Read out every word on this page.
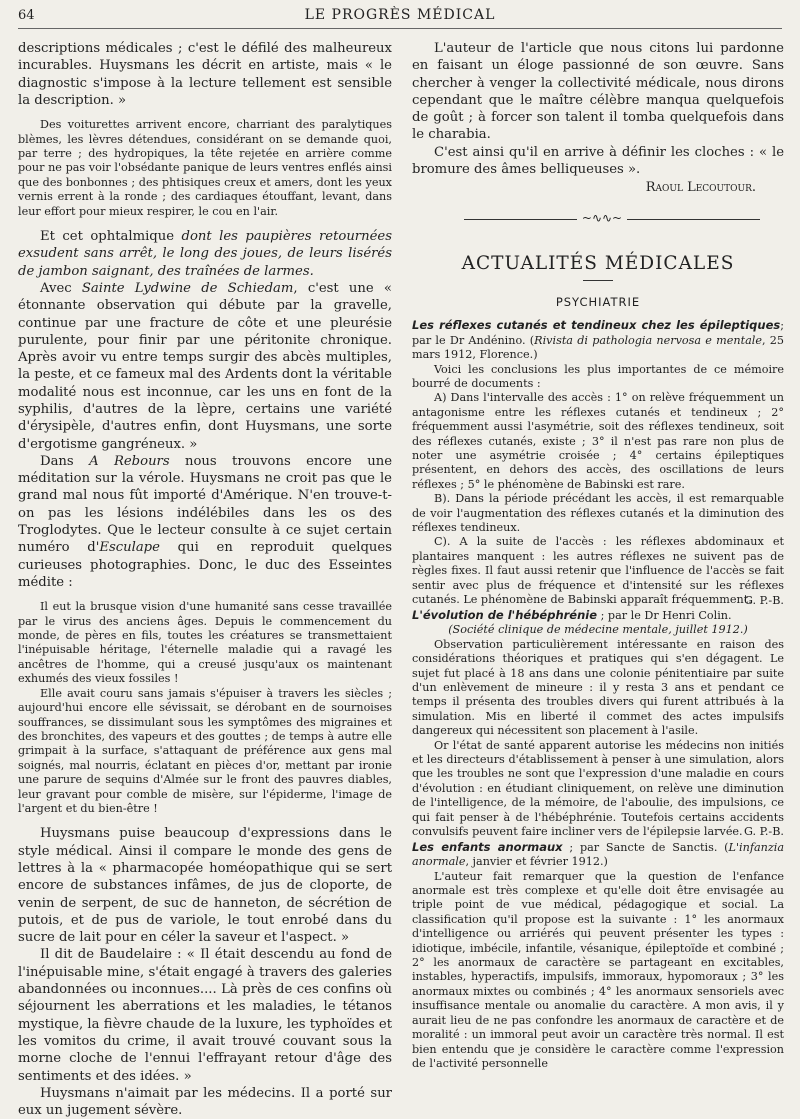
64	LE PROGRÈS MÉDICAL

descriptions médicales ; c'est le défilé des malheureux incurables. Huysmans les décrit en artiste, mais « le diagnostic s'impose à la lecture tellement est sensible la description. »

Des voiturettes arrivent encore, charriant des paralytiques blèmes, les lèvres détendues, considérant on se demande quoi, par terre ; des hydropiques, la tête rejetée en arrière comme pour ne pas voir l'obsédante panique de leurs ventres enflés ainsi que des bonbonnes ; des phtisiques creux et amers, dont les yeux vernis errent à la ronde ; des cardiaques étouffant, levant, dans leur effort pour mieux respirer, le cou en l'air.

Et cet ophtalmique dont les paupières retournées exsudent sans arrêt, le long des joues, de leurs lisérés de jambon saignant, des traînées de larmes.

Avec Sainte Lydwine de Schiedam, c'est une « étonnante observation qui débute par la gravelle, continue par une fracture de côte et une pleurésie purulente, pour finir par une péritonite chronique. Après avoir vu entre temps surgir des abcès multiples, la peste, et ce fameux mal des Ardents dont la véritable modalité nous est inconnue, car les uns en font de la syphilis, d'autres de la lèpre, certains une variété d'érysipèle, d'autres enfin, dont Huysmans, une sorte d'ergotisme gangréneux. »

Dans A Rebours nous trouvons encore une méditation sur la vérole. Huysmans ne croit pas que le grand mal nous fût importé d'Amérique. N'en trouve-t-on pas les lésions indélébiles dans les os des Troglodytes. Que le lecteur consulte à ce sujet certain numéro d'Esculape qui en reproduit quelques curieuses photographies. Donc, le duc des Esseintes médite :

Il eut la brusque vision d'une humanité sans cesse travaillée par le virus des anciens âges. Depuis le commencement du monde, de pères en fils, toutes les créatures se transmettaient l'inépuisable héritage, l'éternelle maladie qui a ravagé les ancêtres de l'homme, qui a creusé jusqu'aux os maintenant exhumés des vieux fossiles !

Elle avait couru sans jamais s'épuiser à travers les siècles ; aujourd'hui encore elle sévissait, se dérobant en de sournoises souffrances, se dissimulant sous les symptômes des migraines et des bronchites, des vapeurs et des gouttes ; de temps à autre elle grimpait à la surface, s'attaquant de préférence aux gens mal soignés, mal nourris, éclatant en pièces d'or, mettant par ironie une parure de sequins d'Almée sur le front des pauvres diables, leur gravant pour comble de misère, sur l'épiderme, l'image de l'argent et du bien-être !

Huysmans puise beaucoup d'expressions dans le style médical. Ainsi il compare le monde des gens de lettres à la « pharmacopée homéopathique qui se sert encore de substances infâmes, de jus de cloporte, de venin de serpent, de suc de hanneton, de sécrétion de putois, et de pus de variole, le tout enrobé dans du sucre de lait pour en céler la saveur et l'aspect. »

Il dit de Baudelaire : « Il était descendu au fond de l'inépuisable mine, s'était engagé à travers des galeries abandonnées ou inconnues.... Là près de ces confins où séjournent les aberrations et les maladies, le tétanos mystique, la fièvre chaude de la luxure, les typhoïdes et les vomitos du crime, il avait trouvé couvant sous la morne cloche de l'ennui l'effrayant retour d'âge des sentiments et des idées. »

Huysmans n'aimait par les médecins. Il a porté sur eux un jugement sévère.

L'auteur de l'article que nous citons lui pardonne en faisant un éloge passionné de son œuvre. Sans chercher à venger la collectivité médicale, nous dirons cependant que le maître célèbre manqua quelquefois de goût ; à forcer son talent il tomba quelquefois dans le charabia.

C'est ainsi qu'il en arrive à définir les cloches : « le bromure des âmes belliqueuses ».

Raoul Lecoutour.
~∿∿~
ACTUALITÉS MÉDICALES
PSYCHIATRIE

Les réflexes cutanés et tendineux chez les épileptiques; par le Dr Andénino. (Rivista di pathologia nervosa e mentale, 25 mars 1912, Florence.)

Voici les conclusions les plus importantes de ce mémoire bourré de documents :

A) Dans l'intervalle des accès : 1° on relève fréquemment un antagonisme entre les réflexes cutanés et tendineux ; 2° fréquemment aussi l'asymétrie, soit des réflexes tendineux, soit des réflexes cutanés, existe ; 3° il n'est pas rare non plus de noter une asymétrie croisée ; 4° certains épileptiques présentent, en dehors des accès, des oscillations de leurs réflexes ; 5° le phénomène de Babinski est rare.

B). Dans la période précédant les accès, il est remarquable de voir l'augmentation des réflexes cutanés et la diminution des réflexes tendineux.

C). A la suite de l'accès : les réflexes abdominaux et plantaires manquent : les autres réflexes ne suivent pas de règles fixes. Il faut aussi retenir que l'influence de l'accès se fait sentir avec plus de fréquence et d'intensité sur les réflexes cutanés. Le phénomène de Babinski apparaît fréquemment.

G. P.-B.

L'évolution de l'hébéphrénie ; par le Dr Henri Colin.

(Société clinique de médecine mentale, juillet 1912.)

Observation particulièrement intéressante en raison des considérations théoriques et pratiques qui s'en dégagent. Le sujet fut placé à 18 ans dans une colonie pénitentiaire par suite d'un enlèvement de mineure : il y resta 3 ans et pendant ce temps il présenta des troubles divers qui furent attribués à la simulation. Mis en liberté il commet des actes impulsifs dangereux qui nécessitent son placement à l'asile.

Or l'état de santé apparent autorise les médecins non initiés et les directeurs d'établissement à penser à une simulation, alors que les troubles ne sont que l'expression d'une maladie en cours d'évolution : en étudiant cliniquement, on relève une diminution de l'intelligence, de la mémoire, de l'aboulie, des impulsions, ce qui fait penser à de l'hébéphrénie. Toutefois certains accidents convulsifs peuvent faire incliner vers de l'épilepsie larvée. G. P.-B.

Les enfants anormaux ; par Sancte de Sanctis. (L'infanzia anormale, janvier et février 1912.)

L'auteur fait remarquer que la question de l'enfance anormale est très complexe et qu'elle doit être envisagée au triple point de vue médical, pédagogique et social. La classification qu'il propose est la suivante : 1° les anormaux d'intelligence ou arriérés qui peuvent présenter les types : idiotique, imbécile, infantile, vésanique, épileptoïde et combiné ; 2° les anormaux de caractère se partageant en excitables, instables, hyperactifs, impulsifs, immoraux, hypomoraux ; 3° les anormaux mixtes ou combinés ; 4° les anormaux sensoriels avec insuffisance mentale ou anomalie du caractère. A mon avis, il y aurait lieu de ne pas confondre les anormaux de caractère et de moralité : un immoral peut avoir un caractère très normal. Il est bien entendu que je considère le caractère comme l'expression de l'activité personnelle
